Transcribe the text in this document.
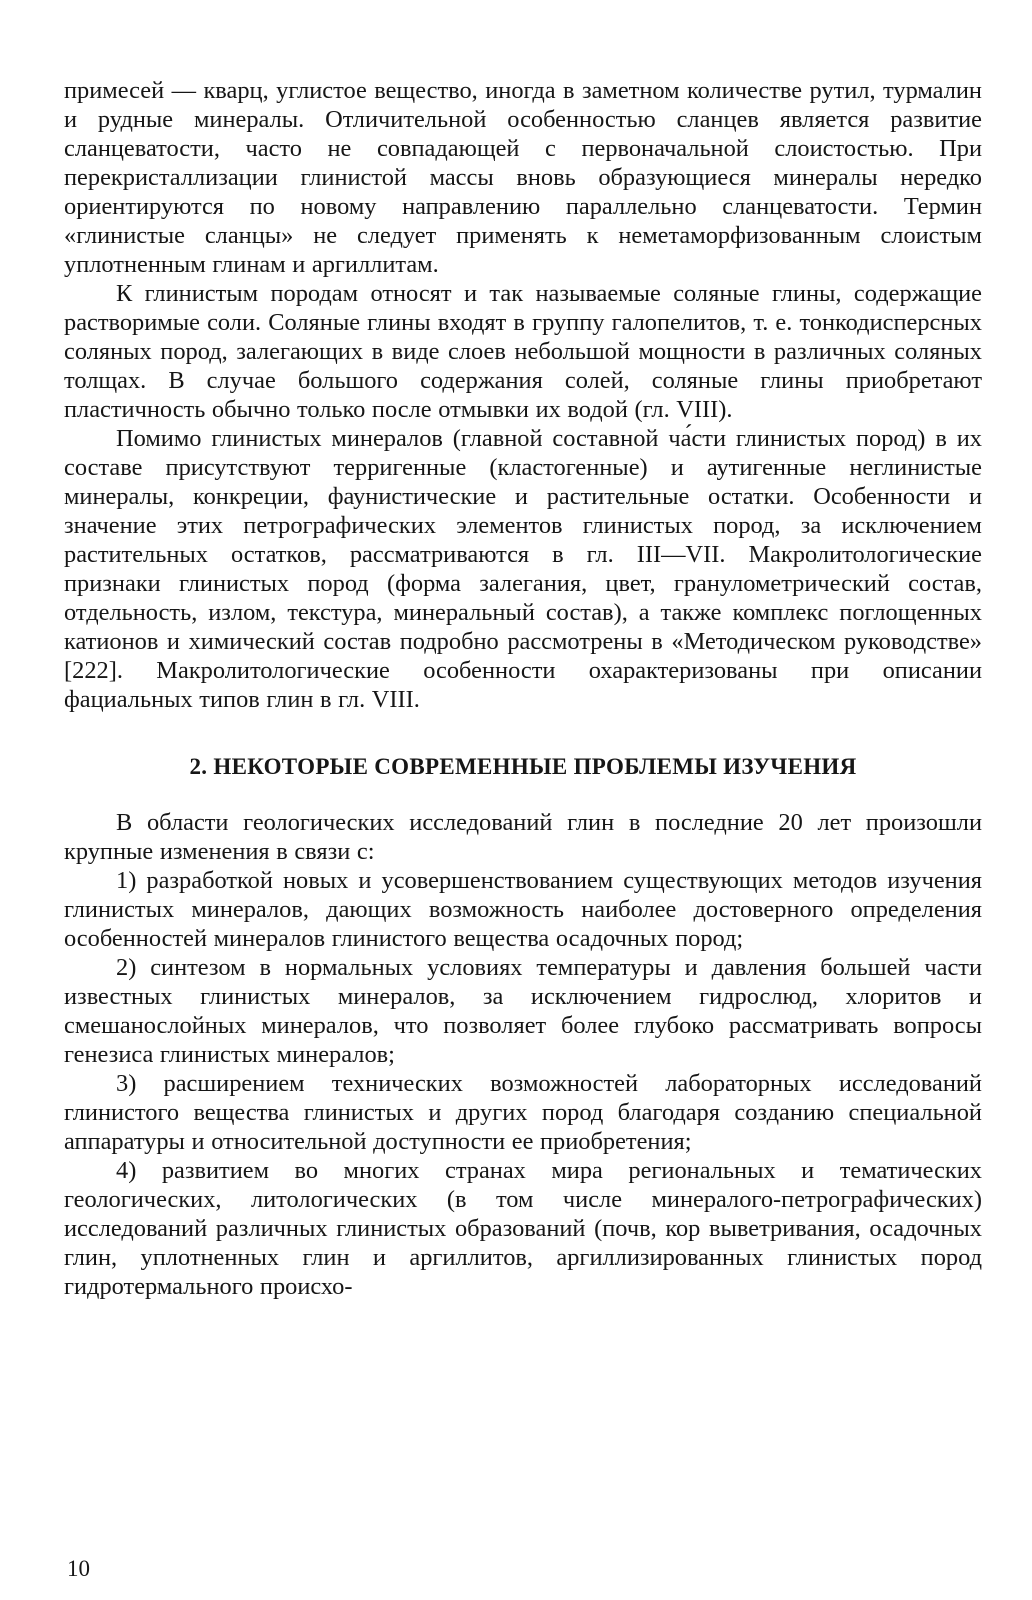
примесей — кварц, углистое вещество, иногда в заметном количестве рутил, турмалин и рудные минералы. Отличительной особенностью сланцев является развитие сланцеватости, часто не совпадающей с первоначальной слоистостью. При перекристаллизации глинистой массы вновь образующиеся минералы нередко ориентируются по новому направлению параллельно сланцеватости. Термин «глинистые сланцы» не следует применять к неметаморфизованным слоистым уплотненным глинам и аргиллитам.

К глинистым породам относят и так называемые соляные глины, содержащие растворимые соли. Соляные глины входят в группу галопелитов, т. е. тонкодисперсных соляных пород, залегающих в виде слоев небольшой мощности в различных соляных толщах. В случае большого содержания солей, соляные глины приобретают пластичность обычно только после отмывки их водой (гл. VIII).

Помимо глинистых минералов (главной составной ча́сти глинистых пород) в их составе присутствуют терригенные (кластогенные) и аутигенные неглинистые минералы, конкреции, фаунистические и растительные остатки. Особенности и значение этих петрографических элементов глинистых пород, за исключением растительных остатков, рассматриваются в гл. III—VII. Макролитологические признаки глинистых пород (форма залегания, цвет, гранулометрический состав, отдельность, излом, текстура, минеральный состав), а также комплекс поглощенных катионов и химический состав подробно рассмотрены в «Методическом руководстве» [222]. Макролитологические особенности охарактеризованы при описании фациальных типов глин в гл. VIII.

2. НЕКОТОРЫЕ СОВРЕМЕННЫЕ ПРОБЛЕМЫ ИЗУЧЕНИЯ

В области геологических исследований глин в последние 20 лет произошли крупные изменения в связи с:

1) разработкой новых и усовершенствованием существующих методов изучения глинистых минералов, дающих возможность наиболее достоверного определения особенностей минералов глинистого вещества осадочных пород;

2) синтезом в нормальных условиях температуры и давления большей части известных глинистых минералов, за исключением гидрослюд, хлоритов и смешанослойных минералов, что позволяет более глубоко рассматривать вопросы генезиса глинистых минералов;

3) расширением технических возможностей лабораторных исследований глинистого вещества глинистых и других пород благодаря созданию специальной аппаратуры и относительной доступности ее приобретения;

4) развитием во многих странах мира региональных и тематических геологических, литологических (в том числе минералого-петрографических) исследований различных глинистых образований (почв, кор выветривания, осадочных глин, уплотненных глин и аргиллитов, аргиллизированных глинистых пород гидротермального происхо-

10
